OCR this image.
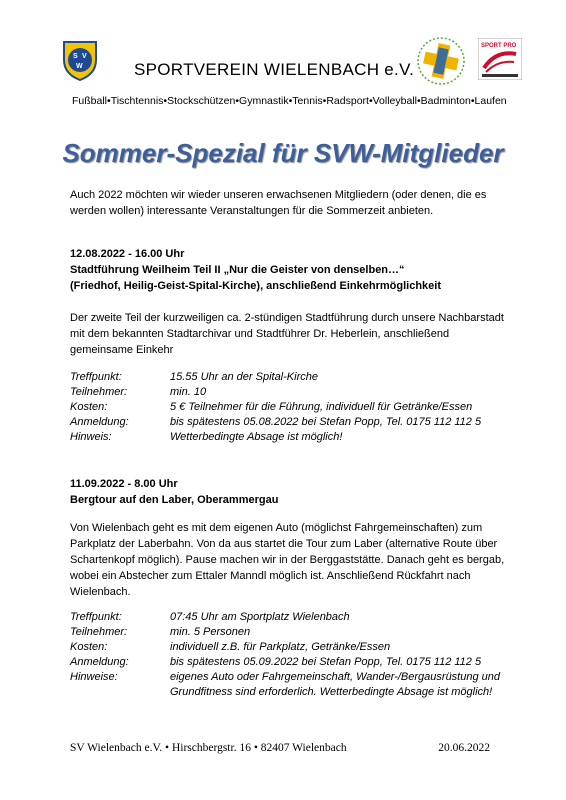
S V
W
SPORT PRO
SPORTVEREIN WIELENBACH e.V.
Fußball•Tischtennis•Stockschützen•Gymnastik•Tennis•Radsport•Volleyball•Badminton•Laufen
Sommer-Spezial für SVW-Mitglieder
Auch 2022 möchten wir wieder unseren erwachsenen Mitgliedern (oder denen, die es werden wollen) interessante Veranstaltungen für die Sommerzeit anbieten.
12.08.2022 - 16.00 Uhr
Stadtführung Weilheim Teil II „Nur die Geister von denselben…“
(Friedhof, Heilig-Geist-Spital-Kirche), anschließend Einkehrmöglichkeit
Der zweite Teil der kurzweiligen ca. 2-stündigen Stadtführung durch unsere Nachbarstadt mit dem bekannten Stadtarchivar und Stadtführer Dr. Heberlein, anschließend gemeinsame Einkehr
Treffpunkt:	15.55 Uhr an der Spital-Kirche
Teilnehmer:	min. 10
Kosten:	5 € Teilnehmer für die Führung, individuell für Getränke/Essen
Anmeldung:	bis spätestens 05.08.2022 bei Stefan Popp, Tel. 0175 112 112 5
Hinweis:	Wetterbedingte Absage ist möglich!
11.09.2022 - 8.00 Uhr
Bergtour auf den Laber, Oberammergau
Von Wielenbach geht es mit dem eigenen Auto (möglichst Fahrgemeinschaften) zum Parkplatz der Laberbahn. Von da aus startet die Tour zum Laber (alternative Route über Schartenkopf möglich). Pause machen wir in der Berggaststätte. Danach geht es bergab, wobei ein Abstecher zum Ettaler Manndl möglich ist. Anschließend Rückfahrt nach Wielenbach.
Treffpunkt:	07:45 Uhr am Sportplatz Wielenbach
Teilnehmer:	min. 5 Personen
Kosten:	individuell z.B. für Parkplatz, Getränke/Essen
Anmeldung:	bis spätestens 05.09.2022 bei Stefan Popp, Tel. 0175 112 112 5
Hinweise:	eigenes Auto oder Fahrgemeinschaft, Wander-/Bergausrüstung und Grundfitness sind erforderlich. Wetterbedingte Absage ist möglich!
SV Wielenbach e.V. • Hirschbergstr. 16 • 82407 Wielenbach	20.06.2022
